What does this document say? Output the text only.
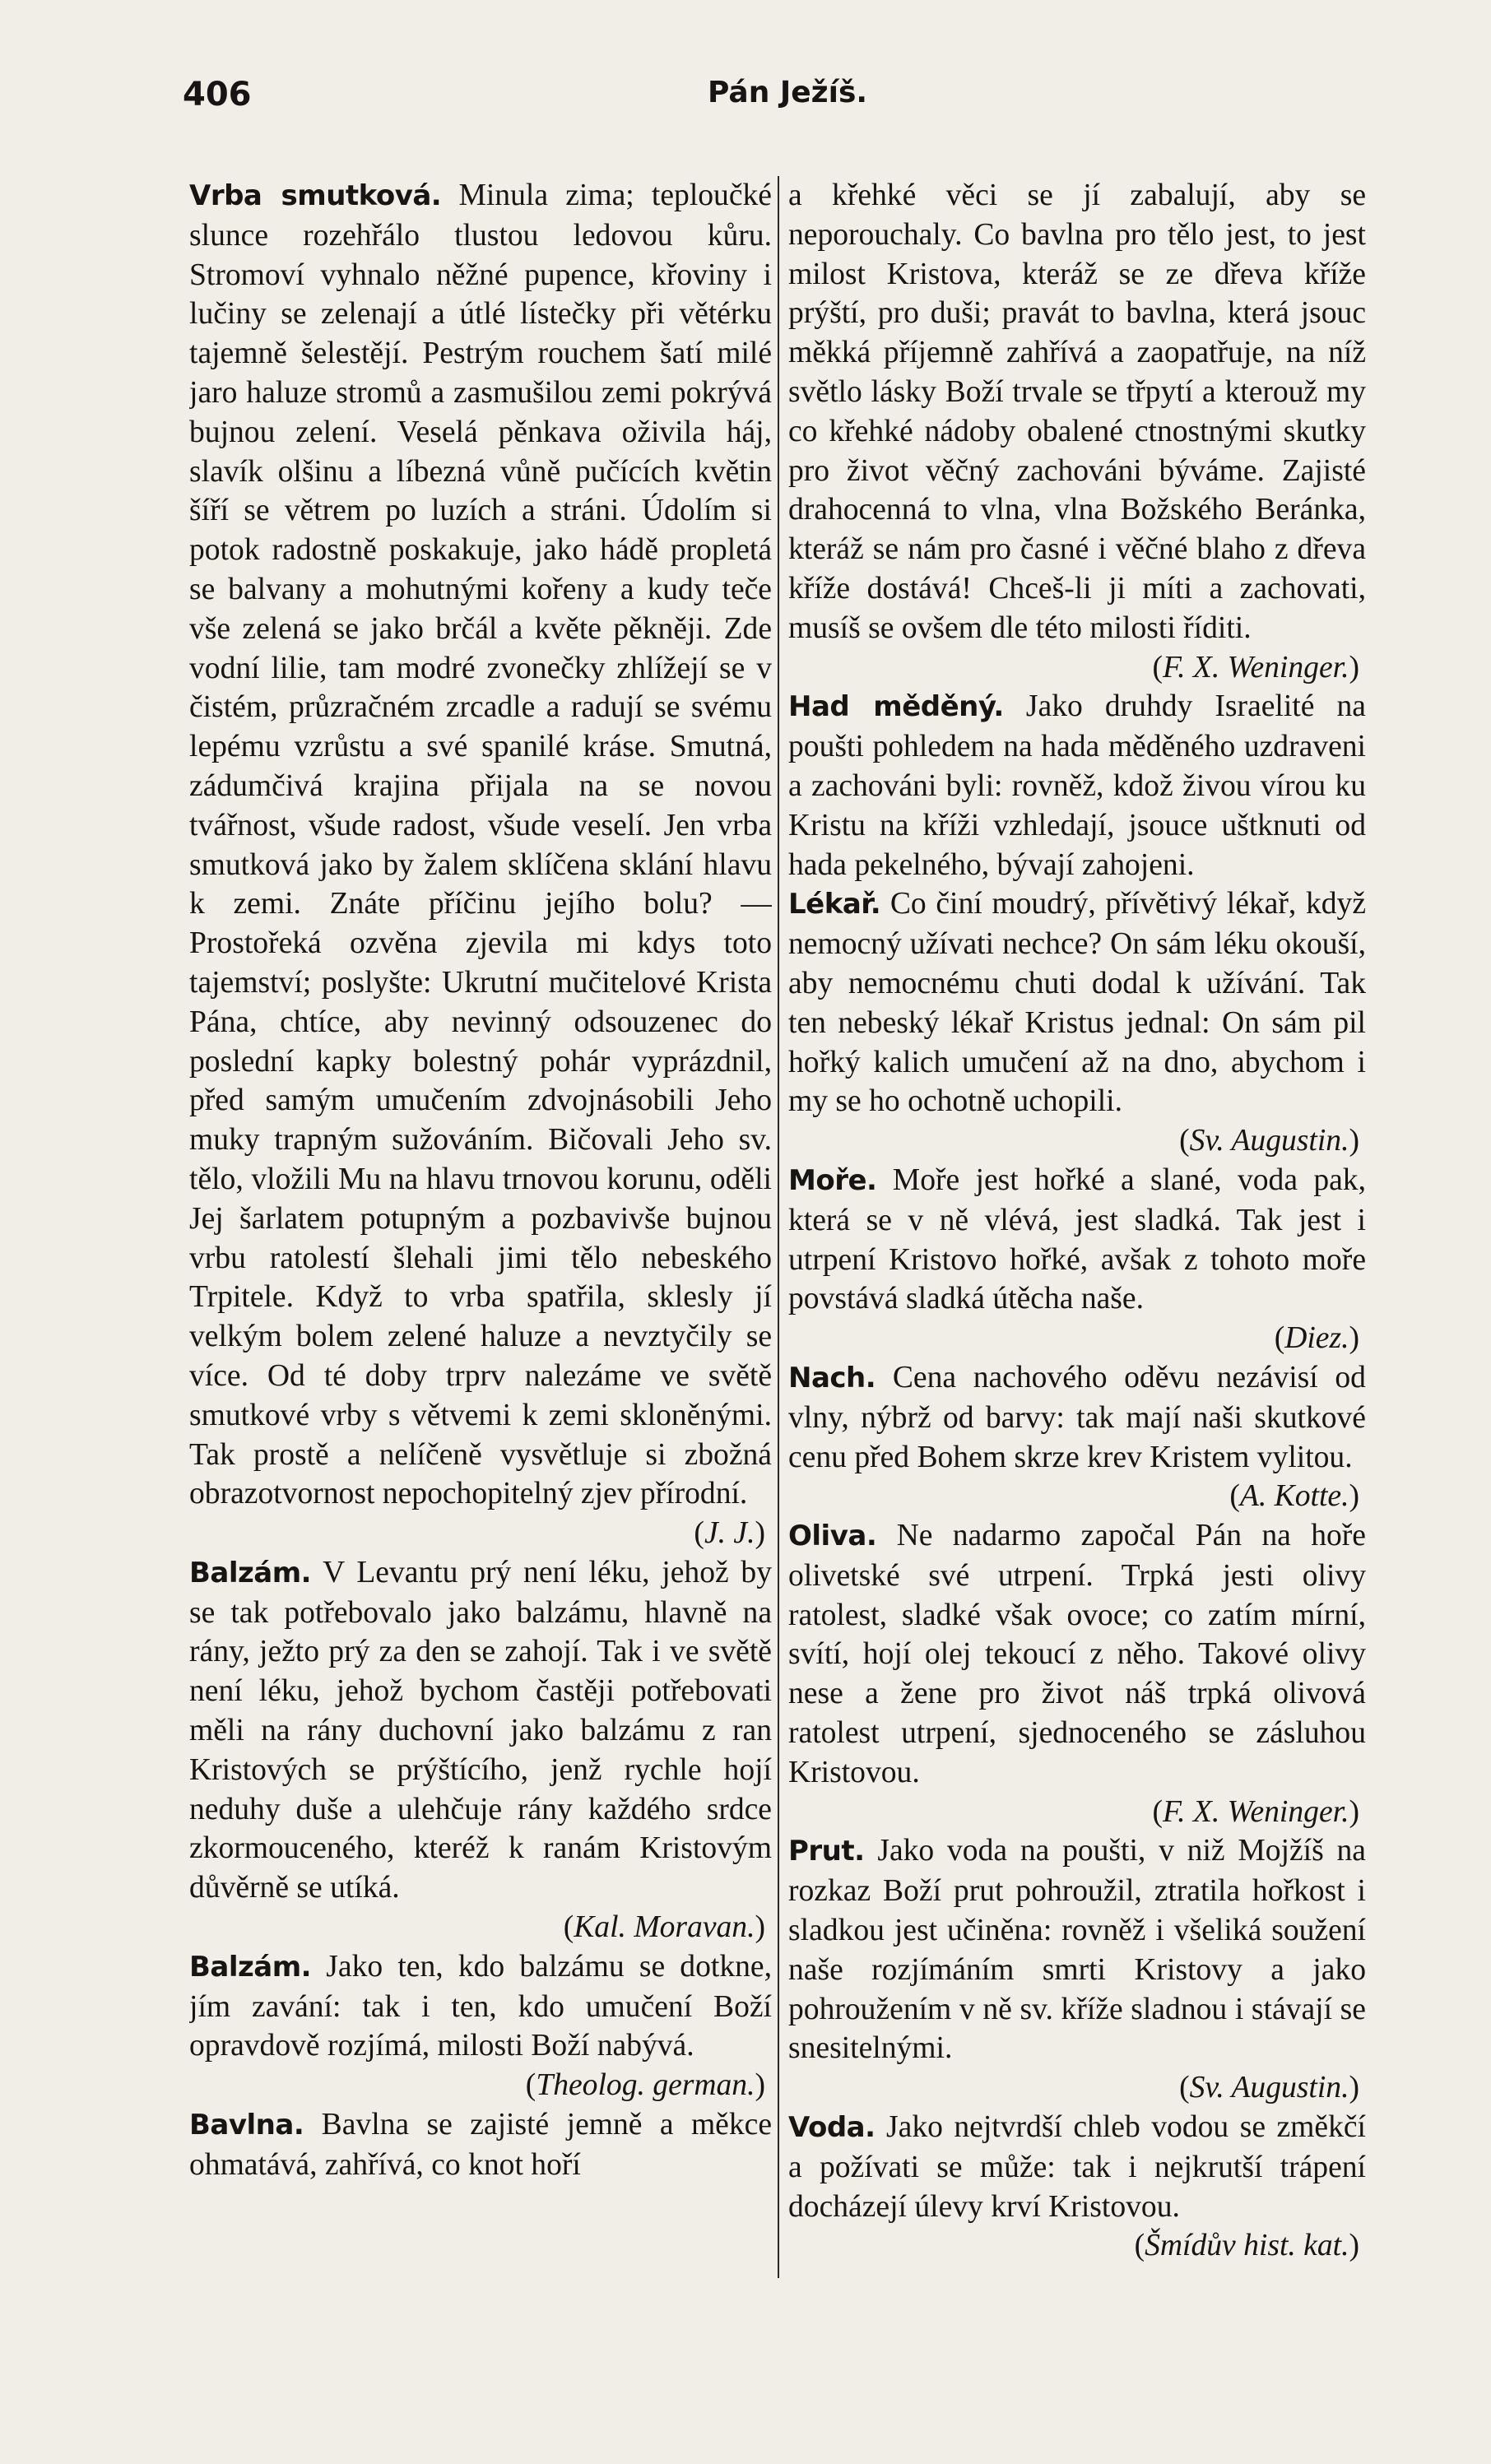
406	Pán Ježíš.

Vrba smutková. Minula zima; teploučké slunce rozehřálo tlustou ledovou kůru. Stromoví vyhnalo něžné pupence, křoviny i lučiny se zelenají a útlé lístečky při větérku tajemně šelestějí. Pestrým rouchem šatí milé jaro haluze stromů a zasmušilou zemi pokrývá bujnou zelení. Veselá pěnkava oživila háj, slavík olšinu a líbezná vůně pučících květin šíří se větrem po luzích a stráni. Údolím si potok radostně poskakuje, jako hádě propletá se balvany a mohutnými kořeny a kudy teče vše zelená se jako brčál a květe pěkněji. Zde vodní lilie, tam modré zvonečky zhlížejí se v čistém, průzračném zrcadle a radují se svému lepému vzrůstu a své spanilé kráse. Smutná, zádumčivá krajina přijala na se novou tvářnost, všude radost, všude veselí. Jen vrba smutková jako by žalem sklíčena sklání hlavu k zemi. Znáte příčinu jejího bolu? — Prostořeká ozvěna zjevila mi kdys toto tajemství; poslyšte: Ukrutní mučitelové Krista Pána, chtíce, aby nevinný odsouzenec do poslední kapky bolestný pohár vyprázdnil, před samým umučením zdvojnásobili Jeho muky trapným sužováním. Bičovali Jeho sv. tělo, vložili Mu na hlavu trnovou korunu, oděli Jej šarlatem potupným a pozbavivše bujnou vrbu ratolestí šlehali jimi tělo nebeského Trpitele. Když to vrba spatřila, sklesly jí velkým bolem zelené haluze a nevztyčily se více. Od té doby trprv nalezáme ve světě smutkové vrby s větvemi k zemi skloněnými. Tak prostě a nelíčeně vysvětluje si zbožná obrazotvornost nepochopitelný zjev přírodní.
( J. J. )

Balzám. V Levantu prý není léku, jehož by se tak potřebovalo jako balzámu, hlavně na rány, ježto prý za den se zahojí. Tak i ve světě není léku, jehož bychom častěji potřebovati měli na rány duchovní jako balzámu z ran Kristových se prýštícího, jenž rychle hojí neduhy duše a ulehčuje rány každého srdce zkormouceného, kteréž k ranám Kristovým důvěrně se utíká.
( Kal. Moravan. )

Balzám. Jako ten, kdo balzámu se dotkne, jím zavání: tak i ten, kdo umučení Boží opravdově rozjímá, milosti Boží nabývá.
( Theolog. german. )

Bavlna. Bavlna se zajisté jemně a měkce ohmatává, zahřívá, co knot hoří

a křehké věci se jí zabalují, aby se neporouchaly. Co bavlna pro tělo jest, to jest milost Kristova, kteráž se ze dřeva kříže prýští, pro duši; pravát to bavlna, která jsouc měkká příjemně zahřívá a zaopatřuje, na níž světlo lásky Boží trvale se třpytí a kterouž my co křehké nádoby obalené ctnostnými skutky pro život věčný zachováni býváme. Zajisté drahocenná to vlna, vlna Božského Beránka, kteráž se nám pro časné i věčné blaho z dřeva kříže dostává! Chceš-li ji míti a zachovati, musíš se ovšem dle této milosti říditi.
( F. X. Weninger. )

Had měděný. Jako druhdy Israelité na poušti pohledem na hada měděného uzdraveni a zachováni byli: rovněž, kdož živou vírou ku Kristu na kříži vzhledají, jsouce uštknuti od hada pekelného, bývají zahojeni.

Lékař. Co činí moudrý, přívětivý lékař, když nemocný užívati nechce? On sám léku okouší, aby nemocnému chuti dodal k užívání. Tak ten nebeský lékař Kristus jednal: On sám pil hořký kalich umučení až na dno, abychom i my se ho ochotně uchopili.
( Sv. Augustin. )

Moře. Moře jest hořké a slané, voda pak, která se v ně vlévá, jest sladká. Tak jest i utrpení Kristovo hořké, avšak z tohoto moře povstává sladká útěcha naše.
( Diez. )

Nach. Cena nachového oděvu nezávisí od vlny, nýbrž od barvy: tak mají naši skutkové cenu před Bohem skrze krev Kristem vylitou.
( A. Kotte. )

Oliva. Ne nadarmo započal Pán na hoře olivetské své utrpení. Trpká jesti olivy ratolest, sladké však ovoce; co zatím mírní, svítí, hojí olej tekoucí z něho. Takové olivy nese a žene pro život náš trpká olivová ratolest utrpení, sjednoceného se zásluhou Kristovou.
( F. X. Weninger. )

Prut. Jako voda na poušti, v niž Mojžíš na rozkaz Boží prut pohroužil, ztratila hořkost i sladkou jest učiněna: rovněž i všeliká soužení naše rozjímáním smrti Kristovy a jako pohroužením v ně sv. kříže sladnou i stávají se snesitelnými.
( Sv. Augustin. )

Voda. Jako nejtvrdší chleb vodou se změkčí a požívati se může: tak i nejkrutší trápení docházejí úlevy krví Kristovou.
( Šmídův hist. kat. )
